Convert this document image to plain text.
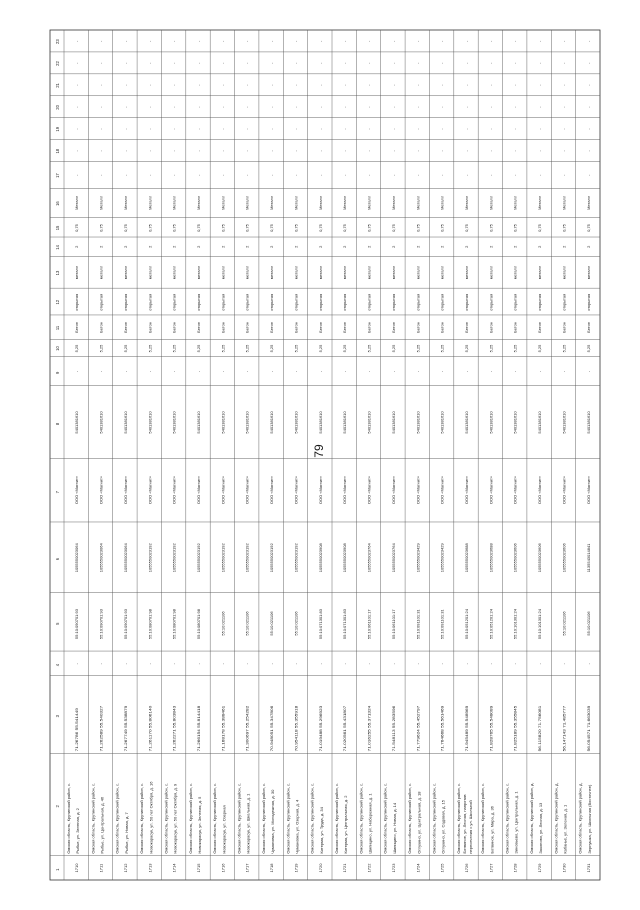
79
1
2
3
4
5
6
7
8
9
10
11
12
13
14
15
16
17
18
19
20
21
22
23
1710
Омская область, Крутинский район, с. Рыбье, ул. Зеленая, д. 2
71.26786 55.541449
-
55:10:090701:93
1055550023064
ООО «Магнит»
5401381610
-
5,25
Бетон
открытая
металл
2
0,75
Металл
-
-
-
-
-
-
-
1711
Омская область, Крутинский район, с. Рыбье, ул. Центральная, д. 46
71.262589 55.540327
-
55:10:090701:93
1055550023064
ООО «Магнит»
5401381610
-
5,25
Бетон
открытая
металл
2
0,75
Металл
-
-
-
-
-
-
-
1712
Омская область, Крутинский район, с. Рыбье, ул. Новая, д. 7
71.267749 55.538879
-
55:10:090701:93
1055550023064
ООО «Магнит»
5401381610
-
5,25
Бетон
открытая
металл
2
0,75
Металл
-
-
-
-
-
-
-
1713
Омская область, Крутинский район, с. Новокарасук, ул. 50 лет Октября, д. 16
71.261170 55.806140
-
55:10:080701:98
1055550023192
ООО «Магнит»
5401381610
-
5,25
Бетон
открытая
металл
2
0,75
Металл
-
-
-
-
-
-
-
1714
Омская область, Крутинский район, с. Новокарасук, ул. 50 лет Октября, д. 9
71.262271 55.803843
-
55:10:080701:98
1055550023192
ООО «Магнит»
5401381610
-
5,25
Бетон
открытая
металл
2
0,75
Металл
-
-
-
-
-
-
-
1715
Омская область, Крутинский район, с. Новокарасук, ул. Зеленая, д. 5
71.266154 55.814418
-
55:10:080701:98
1055550023192
ООО «Магнит»
5401381610
-
5,25
Бетон
открытая
металл
2
0,75
Металл
-
-
-
-
-
-
-
1716
Омская область, Крутинский район, с. Новокарасук, ул. Озерная
71.168178 55.388461
-
55:10:021106
1055550023192
ООО «Магнит»
5401381610
-
5,25
Бетон
открытая
металл
2
0,75
Металл
-
-
-
-
-
-
-
1717
Омская область, Крутинский район, с. Новокарасук, ул. Школьная, д. 1
71.300697 55.254282
-
55:10:021106
1055550023192
ООО «Магнит»
5401381610
-
5,25
Бетон
открытая
металл
2
0,75
Металл
-
-
-
-
-
-
-
1718
Омская область, Крутинский район, с. Чумановка, ул. Молодежная, д. 30
70.948051 55.347806
-
55:10:021106
1055550023192
ООО «Магнит»
5401381610
-
5,25
Бетон
открытая
металл
2
0,75
Металл
-
-
-
-
-
-
-
1719
Омская область, Крутинский район, с. Чумановка, ул. Озерная, д. 4
70.954118 55.355918
-
55:10:021106
1055550023192
ООО «Магнит»
5401381610
-
5,25
Бетон
открытая
металл
2
0,75
Металл
-
-
-
-
-
-
-
1720
Омская область, Крутинский район, с. Китерма, ул. Труда, д. 34
71.019488 55.296923
-
55:10:071301:83
1055550023908
ООО «Магнит»
5401381610
-
5,25
Бетон
открытая
металл
2
0,75
Металл
-
-
-
-
-
-
-
1721
Омская область, Крутинский район, с. Китерма, ул. Центральная, д. 2
71.020561 55.431807
-
55:10:071301:83
1055550023908
ООО «Магнит»
5401381610
-
5,25
Бетон
открытая
металл
2
0,75
Металл
-
-
-
-
-
-
-
1722
Омская область, Крутинский район, с. Шипицино, ул. Набережная, д. 1
71.016255 55.371324
-
55:10:061101:17
1055550023764
ООО «Магнит»
5401381610
-
5,25
Бетон
открытая
металл
2
0,75
Металл
-
-
-
-
-
-
-
1723
Омская область, Крутинский район, с. Шипицино, ул. Новая, д. 14
71.548113 55.283596
-
55:10:061101:17
1055550023764
ООО «Магнит»
5401381610
-
5,25
Бетон
открытая
металл
2
0,75
Металл
-
-
-
-
-
-
-
1724
Омская область, Крутинский район, с. Оглухино, ул. Центральная, д. 18
71.779624 55.452797
-
55:10:091101:31
1055550023429
ООО «Магнит»
5401381610
-
5,25
Бетон
открытая
металл
2
0,75
Металл
-
-
-
-
-
-
-
1725
Омская область, Крутинский район, с. Оглухино, ул. Садовая, д. 15
71.764668 55.561469
-
55:10:091101:31
1055550023429
ООО «Магнит»
5401381610
-
5,25
Бетон
открытая
металл
2
0,75
Металл
-
-
-
-
-
-
-
1726
Омская область, Крутинский район, с. Ботвиное, ул. Лесная, напротив пересечения с ул. Школьной
71.945489 55.548969
-
55:10:051201:24
1055550023688
ООО «Магнит»
5401381610
-
5,25
Бетон
открытая
металл
2
0,75
Металл
-
-
-
-
-
-
-
1727
Омская область, Крутинский район, с. Ботвиное, ул. Мира, д. 36
71.828765 55.548089
-
55:10:051201:24
1055550023688
ООО «Магнит»
5401381610
-
5,25
Бетон
открытая
металл
2
0,75
Металл
-
-
-
-
-
-
-
1728
Омская область, Крутинский район, с. Зиновьево, ул. Центральная, д. 1
71.825189 55.355845
-
55:10:101301:24
1055550023606
ООО «Магнит»
5401381610
-
5,25
Бетон
открытая
металл
2
0,75
Металл
-
-
-
-
-
-
-
1729
Омская область, Крутинский район, д. Захоново, ул. Лесная, д. 13
56.115820 71.756081
-
55:10:101301:24
1055550023606
ООО «Магнит»
5401381610
-
5,25
Бетон
открытая
металл
2
0,75
Металл
-
-
-
-
-
-
-
1730
Омская область, Крутинский район, д. Кабаньё, ул. Зеленая, д. 1
56.147143 71.485777
-
55:10:021106
1055550023606
ООО «Магнит»
5401381610
-
5,25
Бетон
открытая
металл
2
0,75
Металл
-
-
-
-
-
-
-
1731
Омская область, Крутинский район, д. Зернушка, ул. Школьная (Восточнее)
56.054571 71.663039
-
55:10:021106
1135543014841
ООО «Магнит»
5401381610
-
5,25
Бетон
открытая
металл
2
0,75
Металл
-
-
-
-
-
-
-
